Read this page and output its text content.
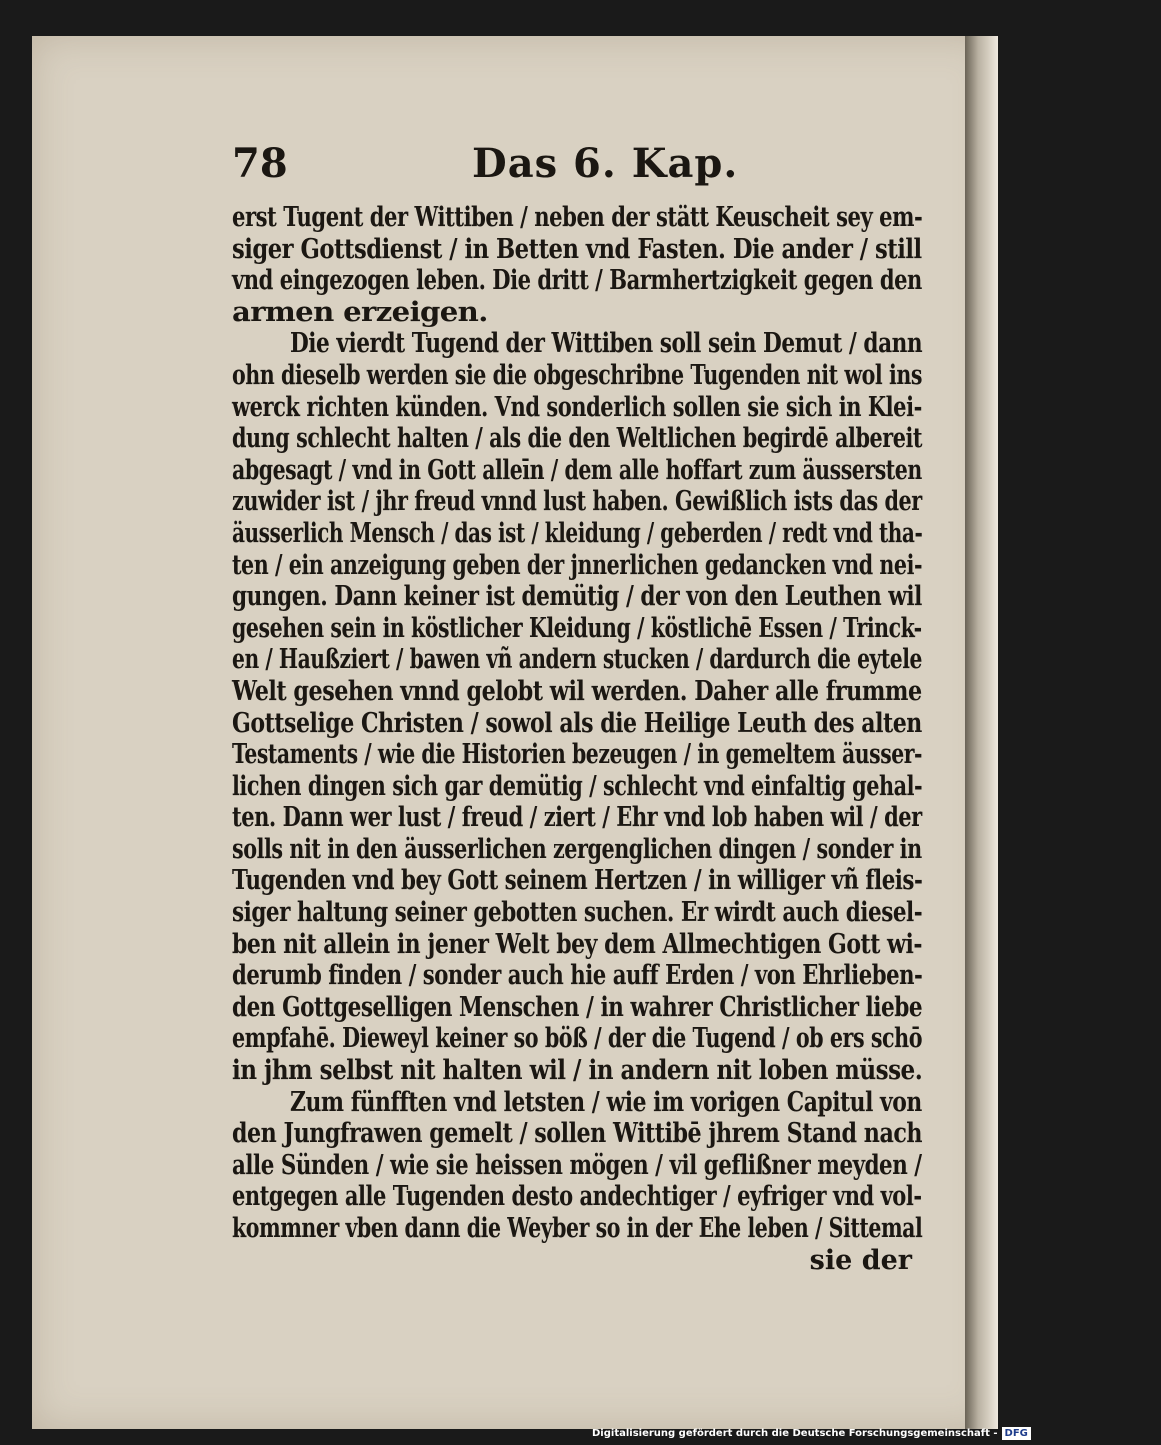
78	Das 6. Kap.
erst Tugent der Wittiben / neben der stätt Keuscheit sey em-
siger Gottsdienst / in Betten vnd Fasten. Die ander / still
vnd eingezogen leben. Die dritt / Barmhertzigkeit gegen den
armen erzeigen.
Die vierdt Tugend der Wittiben soll sein Demut / dann
ohn dieselb werden sie die obgeschribne Tugenden nit wol ins
werck richten künden. Vnd sonderlich sollen sie sich in Klei-
dung schlecht halten / als die den Weltlichen begirdē albereit
abgesagt / vnd in Gott alleīn / dem alle hoffart zum äussersten
zuwider ist / jhr freud vnnd lust haben. Gewißlich ists das der
äusserlich Mensch / das ist / kleidung / geberden / redt vnd tha-
ten / ein anzeigung geben der jnnerlichen gedancken vnd nei-
gungen. Dann keiner ist demütig / der von den Leuthen wil
gesehen sein in köstlicher Kleidung / köstlichē Essen / Trinck-
en / Haußziert / bawen vñ andern stucken / dardurch die eytele
Welt gesehen vnnd gelobt wil werden. Daher alle frumme
Gottselige Christen / sowol als die Heilige Leuth des alten
Testaments / wie die Historien bezeugen / in gemeltem äusser-
lichen dingen sich gar demütig / schlecht vnd einfaltig gehal-
ten. Dann wer lust / freud / ziert / Ehr vnd lob haben wil / der
solls nit in den äusserlichen zergenglichen dingen / sonder in
Tugenden vnd bey Gott seinem Hertzen / in williger vñ fleis-
siger haltung seiner gebotten suchen. Er wirdt auch diesel-
ben nit allein in jener Welt bey dem Allmechtigen Gott wi-
derumb finden / sonder auch hie auff Erden / von Ehrlieben-
den Gottgeselligen Menschen / in wahrer Christlicher liebe
empfahē. Dieweyl keiner so böß / der die Tugend / ob ers schō
in jhm selbst nit halten wil / in andern nit loben müsse.
Zum fünfften vnd letsten / wie im vorigen Capitul von
den Jungfrawen gemelt / sollen Wittibē jhrem Stand nach
alle Sünden / wie sie heissen mögen / vil geflißner meyden /
entgegen alle Tugenden desto andechtiger / eyfriger vnd vol-
kommner vben dann die Weyber so in der Ehe leben / Sittemal
sie der
Digitalisierung gefördert durch die Deutsche Forschungsgemeinschaft - DFG
